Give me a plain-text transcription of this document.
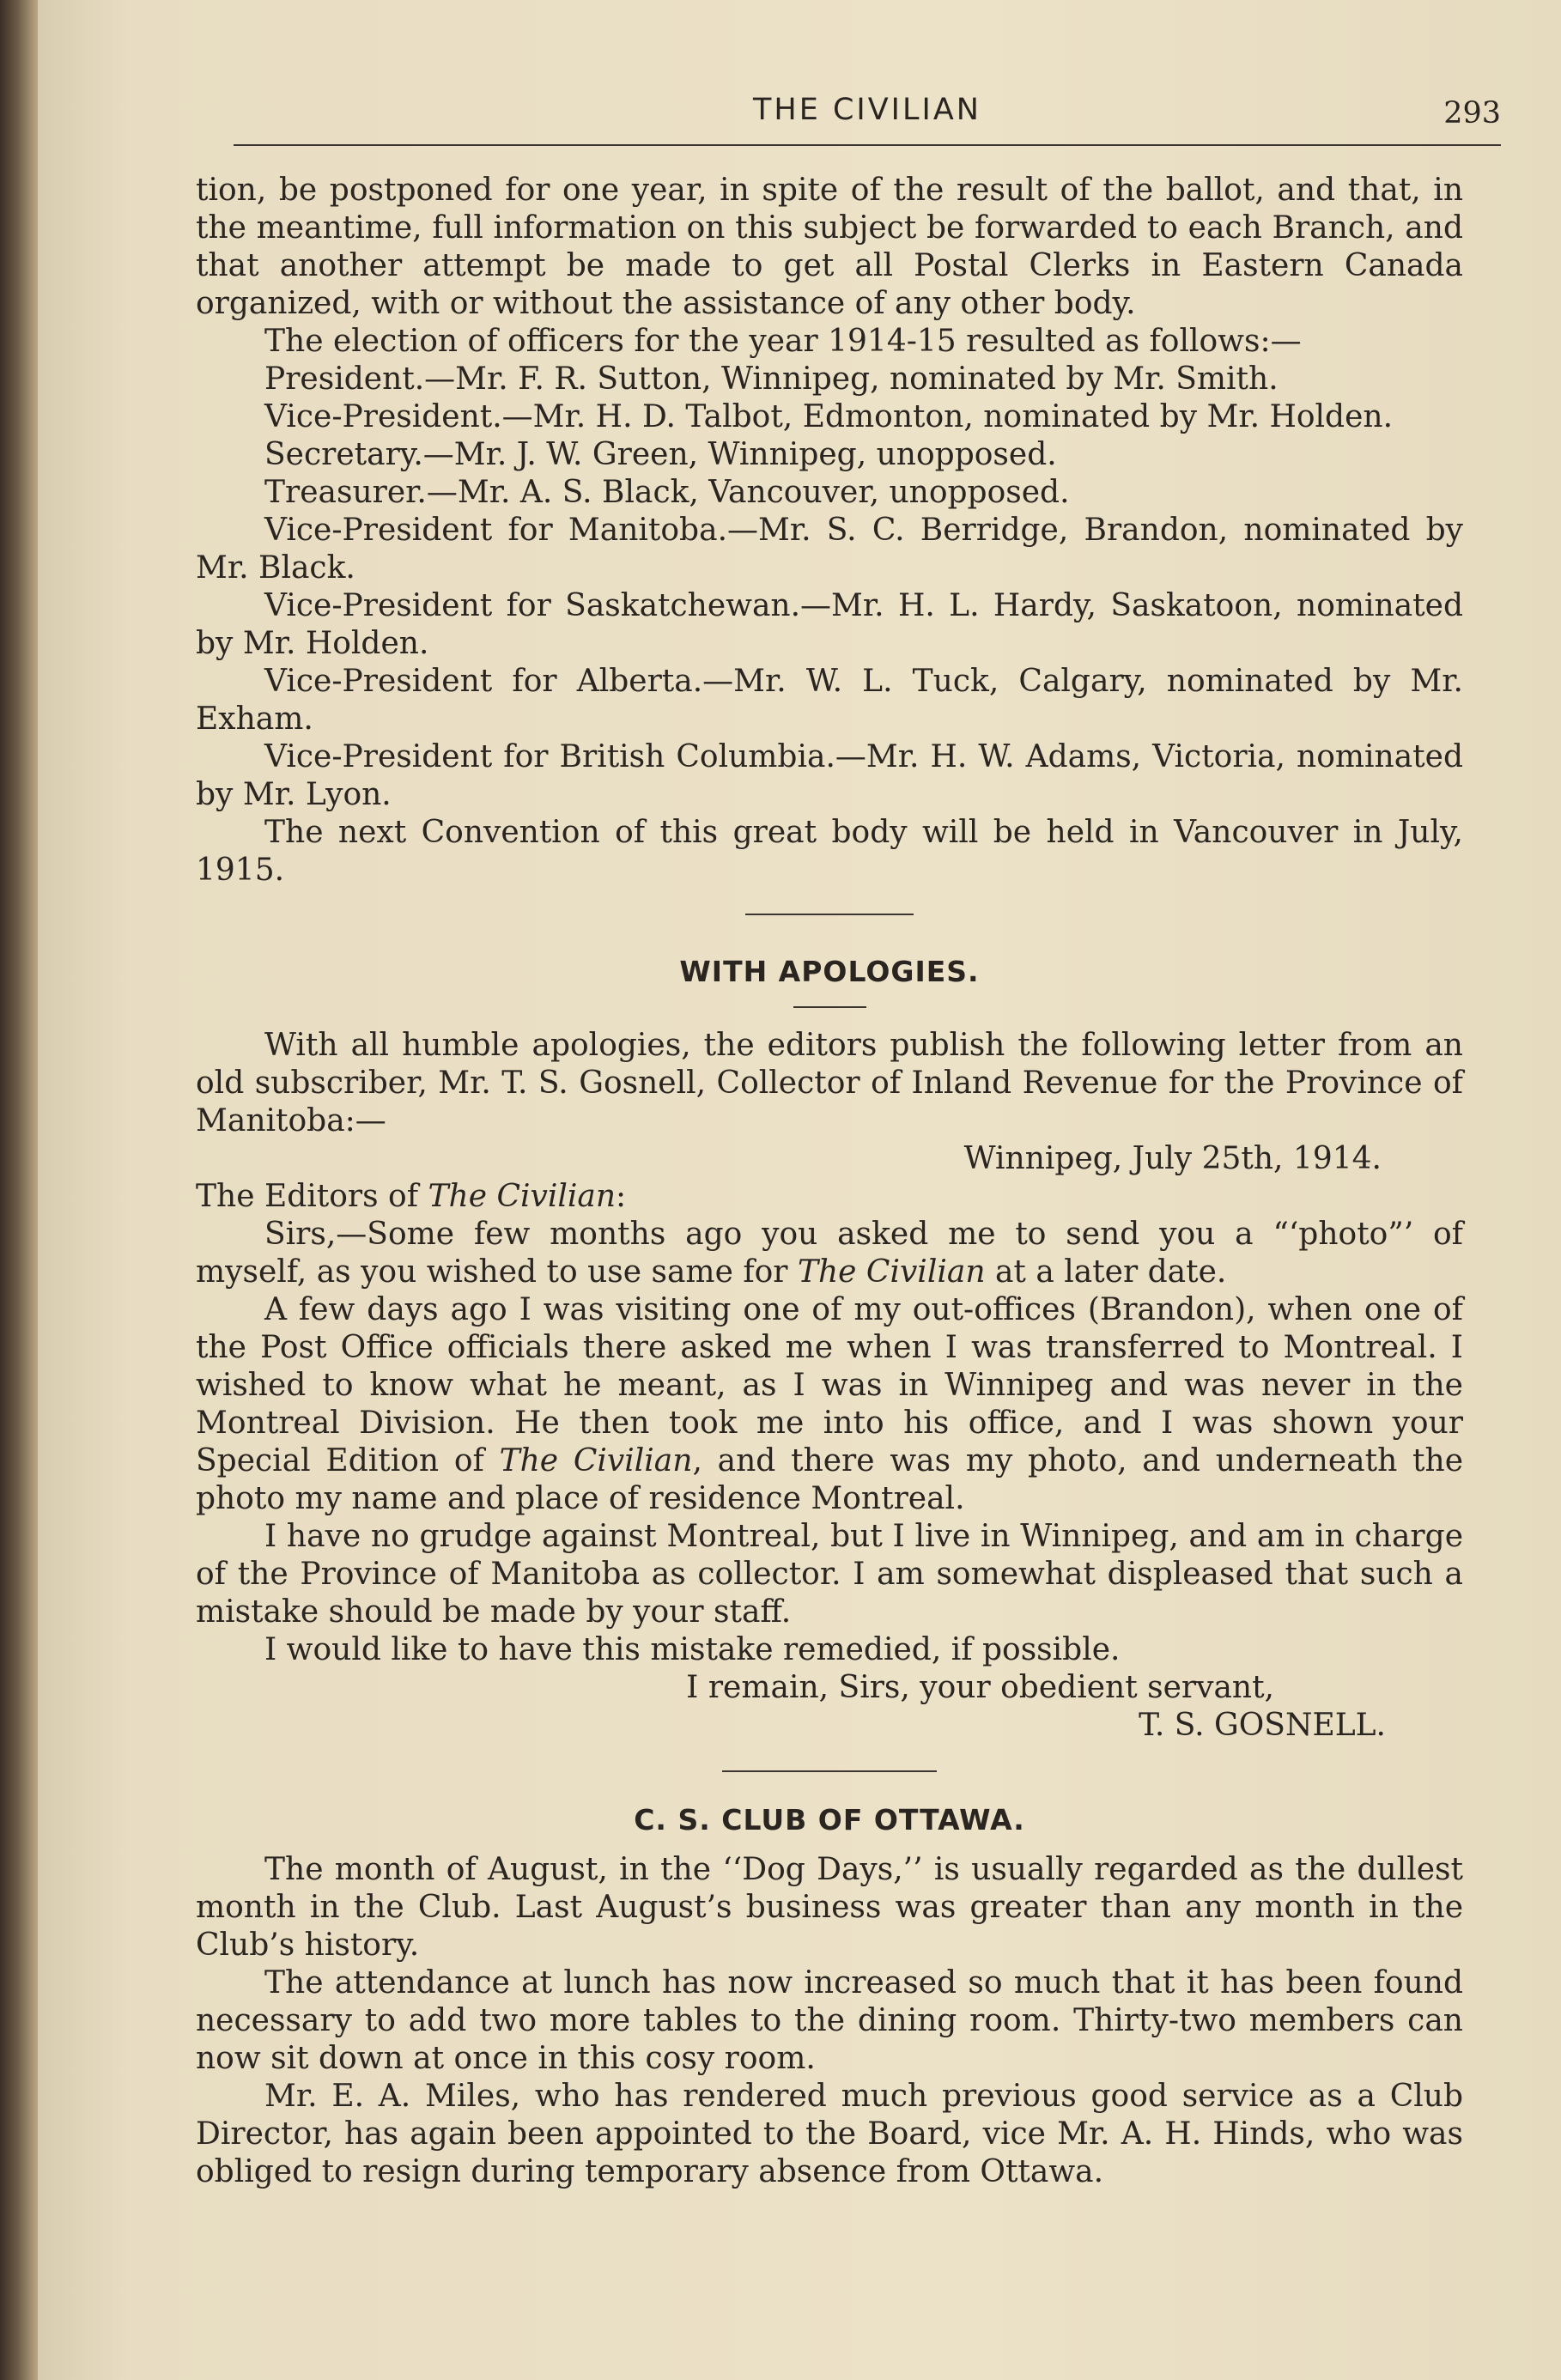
THE CIVILIAN	293

tion, be postponed for one year, in spite of the result of the ballot, and that, in the meantime, full information on this subject be forwarded to each Branch, and that another attempt be made to get all Postal Clerks in Eastern Canada organized, with or without the assistance of any other body.

The election of officers for the year 1914-15 resulted as follows:—

President.—Mr. F. R. Sutton, Winnipeg, nominated by Mr. Smith.

Vice-President.—Mr. H. D. Talbot, Edmonton, nominated by Mr. Holden.

Secretary.—Mr. J. W. Green, Winnipeg, unopposed.

Treasurer.—Mr. A. S. Black, Vancouver, unopposed.

Vice-President for Manitoba.—Mr. S. C. Berridge, Brandon, nominated by Mr. Black.

Vice-President for Saskatchewan.—Mr. H. L. Hardy, Saskatoon, nominated by Mr. Holden.

Vice-President for Alberta.—Mr. W. L. Tuck, Calgary, nominated by Mr. Exham.

Vice-President for British Columbia.—Mr. H. W. Adams, Victoria, nominated by Mr. Lyon.

The next Convention of this great body will be held in Vancouver in July, 1915.

WITH APOLOGIES.

With all humble apologies, the editors publish the following letter from an old subscriber, Mr. T. S. Gosnell, Collector of Inland Revenue for the Province of Manitoba:—

Winnipeg, July 25th, 1914.

The Editors of The Civilian:

Sirs,—Some few months ago you asked me to send you a “‘photo”’ of myself, as you wished to use same for The Civilian at a later date.

A few days ago I was visiting one of my out-offices (Brandon), when one of the Post Office officials there asked me when I was transferred to Montreal. I wished to know what he meant, as I was in Winnipeg and was never in the Montreal Division. He then took me into his office, and I was shown your Special Edition of The Civilian, and there was my photo, and underneath the photo my name and place of residence Montreal.

I have no grudge against Montreal, but I live in Winnipeg, and am in charge of the Province of Manitoba as collector. I am somewhat displeased that such a mistake should be made by your staff.

I would like to have this mistake remedied, if possible.

I remain, Sirs, your obedient servant,

T. S. GOSNELL.

C. S. CLUB OF OTTAWA.

The month of August, in the ‘‘Dog Days,’’ is usually regarded as the dullest month in the Club. Last August’s business was greater than any month in the Club’s history.

The attendance at lunch has now increased so much that it has been found necessary to add two more tables to the dining room. Thirty-two members can now sit down at once in this cosy room.

Mr. E. A. Miles, who has rendered much previous good service as a Club Director, has again been appointed to the Board, vice Mr. A. H. Hinds, who was obliged to resign during temporary absence from Ottawa.
